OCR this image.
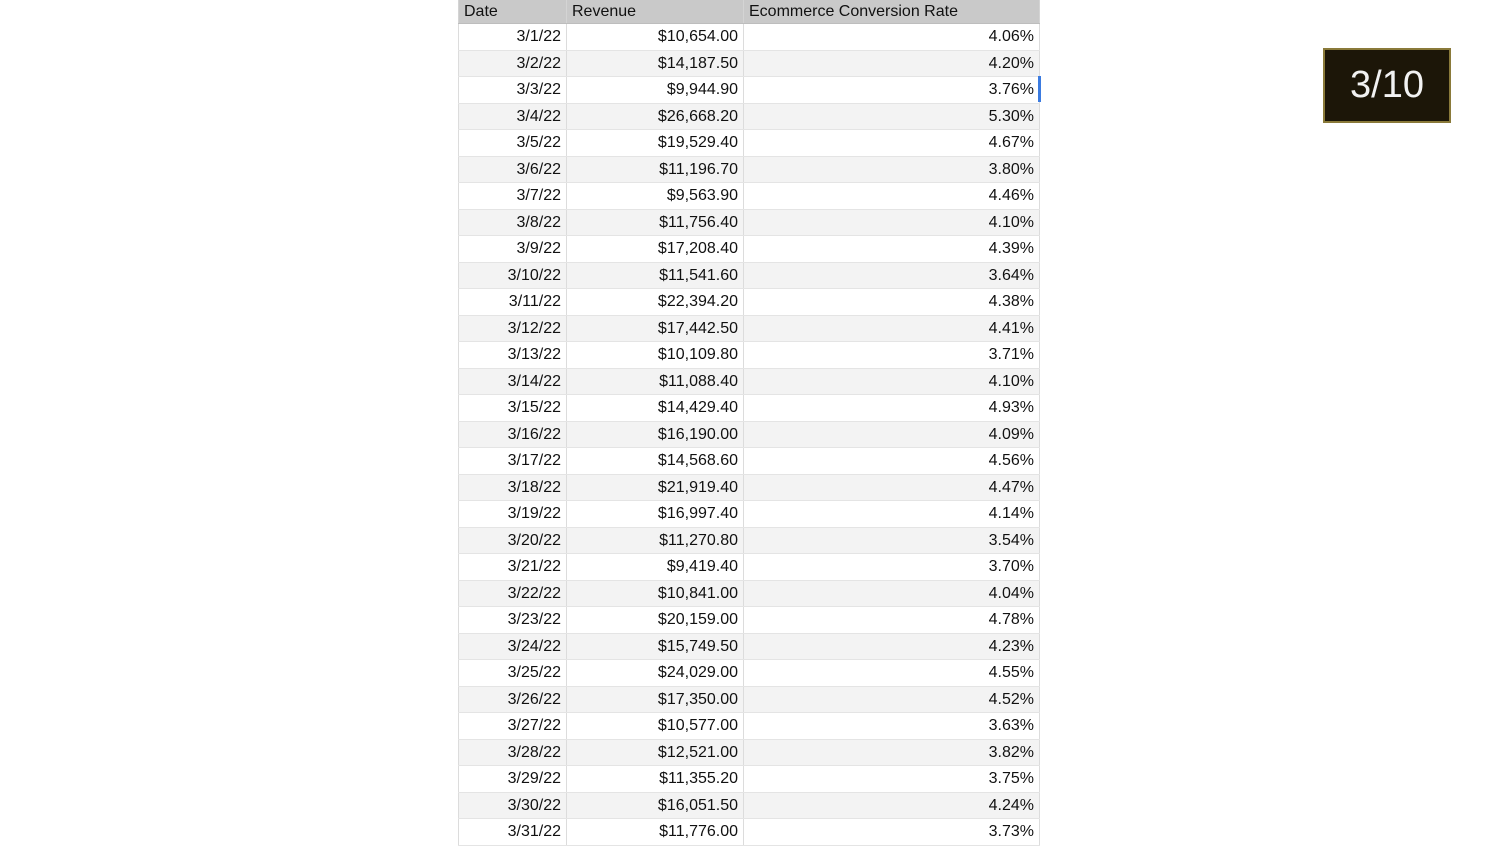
Date	Revenue	Ecommerce Conversion Rate
3/1/22	$10,654.00	4.06%
3/2/22	$14,187.50	4.20%
3/3/22	$9,944.90	3.76%
3/4/22	$26,668.20	5.30%
3/5/22	$19,529.40	4.67%
3/6/22	$11,196.70	3.80%
3/7/22	$9,563.90	4.46%
3/8/22	$11,756.40	4.10%
3/9/22	$17,208.40	4.39%
3/10/22	$11,541.60	3.64%
3/11/22	$22,394.20	4.38%
3/12/22	$17,442.50	4.41%
3/13/22	$10,109.80	3.71%
3/14/22	$11,088.40	4.10%
3/15/22	$14,429.40	4.93%
3/16/22	$16,190.00	4.09%
3/17/22	$14,568.60	4.56%
3/18/22	$21,919.40	4.47%
3/19/22	$16,997.40	4.14%
3/20/22	$11,270.80	3.54%
3/21/22	$9,419.40	3.70%
3/22/22	$10,841.00	4.04%
3/23/22	$20,159.00	4.78%
3/24/22	$15,749.50	4.23%
3/25/22	$24,029.00	4.55%
3/26/22	$17,350.00	4.52%
3/27/22	$10,577.00	3.63%
3/28/22	$12,521.00	3.82%
3/29/22	$11,355.20	3.75%
3/30/22	$16,051.50	4.24%
3/31/22	$11,776.00	3.73%
3/10
